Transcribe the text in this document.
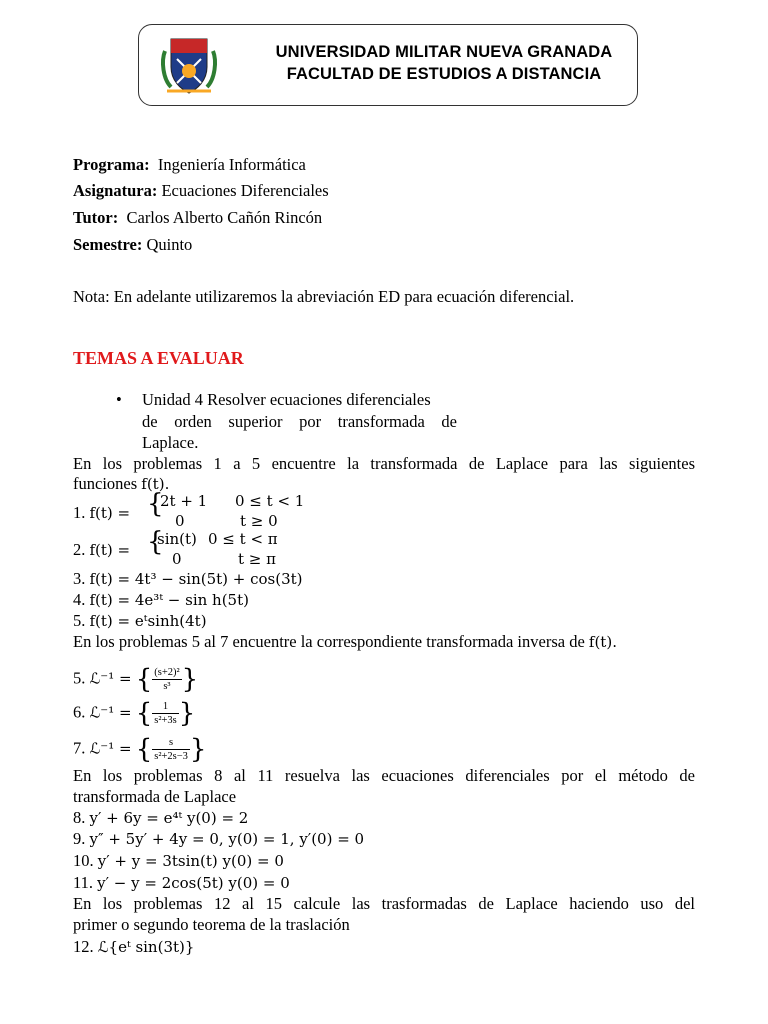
UNIVERSIDAD MILITAR NUEVA GRANADA
FACULTAD DE ESTUDIOS A DISTANCIA
Programa: Ingeniería Informática
Asignatura: Ecuaciones Diferenciales
Tutor: Carlos Alberto Cañón Rincón
Semestre: Quinto
Nota: En adelante utilizaremos la abreviación ED para ecuación diferencial.
TEMAS A EVALUAR
• Unidad 4 Resolver ecuaciones diferenciales
de orden superior por transformada de
Laplace.
En los problemas 1 a 5 encuentre la transformada de Laplace para las siguientes
funciones f(t).
1. f(t) = {
2t + 1 0 ≤ t < 1
0	t ≥ 0
2. f(t) = {
sin(t) 0 ≤ t < π
0	t ≥ π
3. f(t) = 4t³ − sin(5t) + cos(3t)
4. f(t) = 4e³ᵗ − sin h(5t)
5. f(t) = eᵗsinh(4t)
En los problemas 5 al 7 encuentre la correspondiente transformada inversa de f(t).
5. ℒ⁻¹ = { $\frac{\text{(s+2)²}}{\text{s³}}$ }
6. ℒ⁻¹ = { $\frac{1}{\text{s²+3s}}$ }
7. ℒ⁻¹ = { $\frac{s}{\text{s²+2s−3}}$ }
En los problemas 8 al 11 resuelva las ecuaciones diferenciales por el método de
transformada de Laplace
8. y′ + 6y = e⁴ᵗ y(0) = 2
9. y″ + 5y′ + 4y = 0, y(0) = 1, y′(0) = 0
10. y′ + y = 3tsin(t) y(0) = 0
11. y′ − y = 2cos(5t) y(0) = 0
En los problemas 12 al 15 calcule las trasformadas de Laplace haciendo uso del
primer o segundo teorema de la traslación
12. ℒ{eᵗ sin(3t)}
